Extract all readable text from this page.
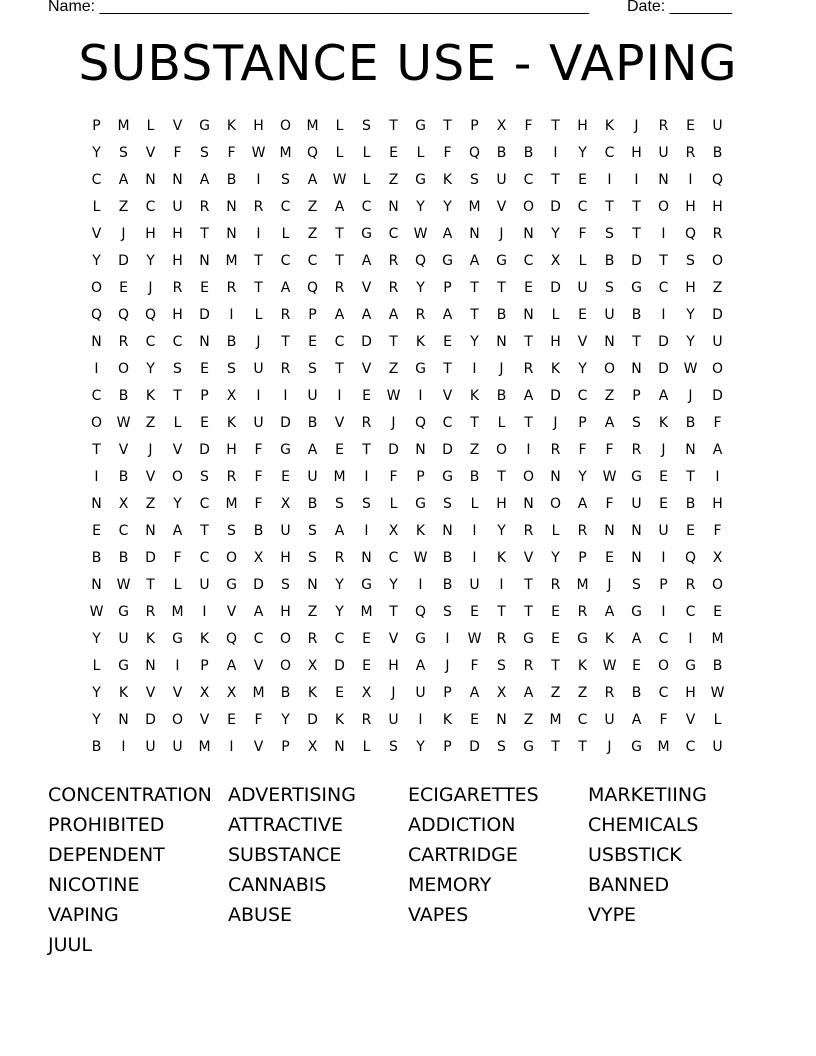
Name: _______________________________________________________ Date: _______
SUBSTANCE USE - VAPING
P	M	L	V	G	K	H	O	M	L	S	T	G	T	P	X	F	T	H	K	J	R	E	U
Y	S	V	F	S	F	W	M	Q	L	L	E	L	F	Q	B	B	I	Y	C	H	U	R	B
C	A	N	N	A	B	I	S	A	W	L	Z	G	K	S	U	C	T	E	I	I	N	I	Q
L	Z	C	U	R	N	R	C	Z	A	C	N	Y	Y	M	V	O	D	C	T	T	O	H	H
V	J	H	H	T	N	I	L	Z	T	G	C	W	A	N	J	N	Y	F	S	T	I	Q	R
Y	D	Y	H	N	M	T	C	C	T	A	R	Q	G	A	G	C	X	L	B	D	T	S	O
O	E	J	R	E	R	T	A	Q	R	V	R	Y	P	T	T	E	D	U	S	G	C	H	Z
Q	Q	Q	H	D	I	L	R	P	A	A	A	R	A	T	B	N	L	E	U	B	I	Y	D
N	R	C	C	N	B	J	T	E	C	D	T	K	E	Y	N	T	H	V	N	T	D	Y	U
I	O	Y	S	E	S	U	R	S	T	V	Z	G	T	I	J	R	K	Y	O	N	D	W	O
C	B	K	T	P	X	I	I	U	I	E	W	I	V	K	B	A	D	C	Z	P	A	J	D
O	W	Z	L	E	K	U	D	B	V	R	J	Q	C	T	L	T	J	P	A	S	K	B	F
T	V	J	V	D	H	F	G	A	E	T	D	N	D	Z	O	I	R	F	F	R	J	N	A
I	B	V	O	S	R	F	E	U	M	I	F	P	G	B	T	O	N	Y	W	G	E	T	I
N	X	Z	Y	C	M	F	X	B	S	S	L	G	S	L	H	N	O	A	F	U	E	B	H
E	C	N	A	T	S	B	U	S	A	I	X	K	N	I	Y	R	L	R	N	N	U	E	F
B	B	D	F	C	O	X	H	S	R	N	C	W	B	I	K	V	Y	P	E	N	I	Q	X
N	W	T	L	U	G	D	S	N	Y	G	Y	I	B	U	I	T	R	M	J	S	P	R	O
W	G	R	M	I	V	A	H	Z	Y	M	T	Q	S	E	T	T	E	R	A	G	I	C	E
Y	U	K	G	K	Q	C	O	R	C	E	V	G	I	W	R	G	E	G	K	A	C	I	M
L	G	N	I	P	A	V	O	X	D	E	H	A	J	F	S	R	T	K	W	E	O	G	B
Y	K	V	V	X	X	M	B	K	E	X	J	U	P	A	X	A	Z	Z	R	B	C	H	W
Y	N	D	O	V	E	F	Y	D	K	R	U	I	K	E	N	Z	M	C	U	A	F	V	L
B	I	U	U	M	I	V	P	X	N	L	S	Y	P	D	S	G	T	T	J	G	M	C	U
CONCENTRATION ADVERTISING	ECIGARETTES	MARKETIING
PROHIBITED	ATTRACTIVE	ADDICTION	CHEMICALS
DEPENDENT	SUBSTANCE	CARTRIDGE	USBSTICK
NICOTINE	CANNABIS	MEMORY	BANNED
VAPING	ABUSE	VAPES	VYPE
JUUL
